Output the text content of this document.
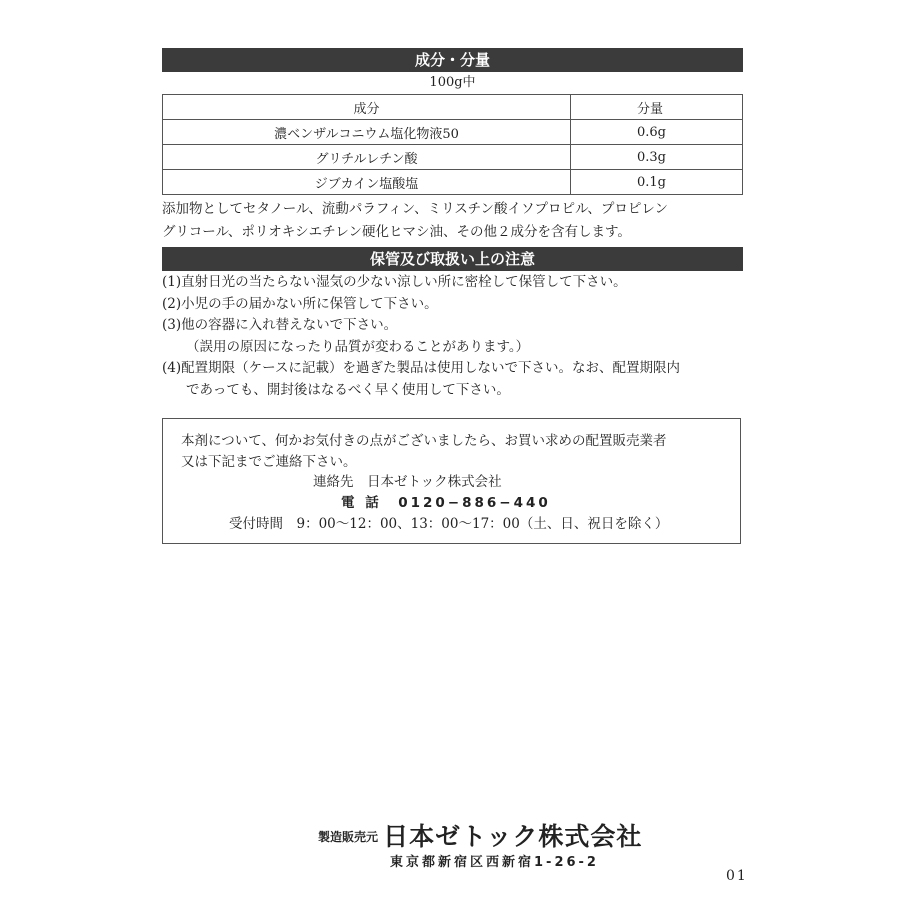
成分・分量
100g中
成分	分量
濃ベンザルコニウム塩化物液50	0.6g
グリチルレチン酸	0.3g
ジブカイン塩酸塩	0.1g
添加物としてセタノール、流動パラフィン、ミリスチン酸イソプロピル、プロピレン
グリコール、ポリオキシエチレン硬化ヒマシ油、その他２成分を含有します。
保管及び取扱い上の注意
(1)直射日光の当たらない湿気の少ない涼しい所に密栓して保管して下さい。
(2)小児の手の届かない所に保管して下さい。
(3)他の容器に入れ替えないで下さい。
（誤用の原因になったり品質が変わることがあります。）
(4)配置期限（ケースに記載）を過ぎた製品は使用しないで下さい。なお、配置期限内
であっても、開封後はなるべく早く使用して下さい。
本剤について、何かお気付きの点がございましたら、お買い求めの配置販売業者
又は下記までご連絡下さい。
連絡先　日本ゼトック株式会社
電 話　0120−886−440
受付時間　9：00〜12：00、13：00〜17：00（土、日、祝日を除く）
$^{製造販売元}$ 日本ゼトック株式会社
東京都新宿区西新宿1-26-2
01
